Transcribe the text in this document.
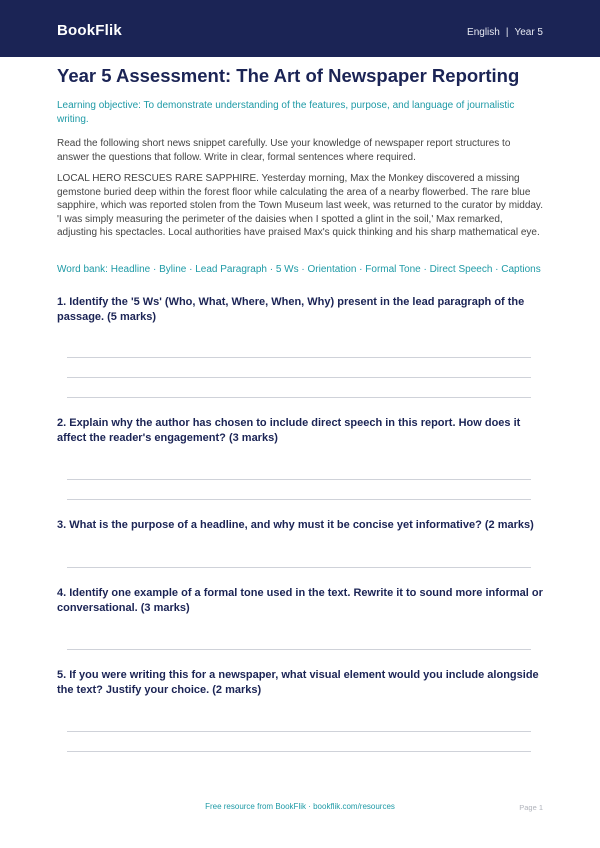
BookFlik	English | Year 5
Year 5 Assessment: The Art of Newspaper Reporting
Learning objective: To demonstrate understanding of the features, purpose, and language of journalistic writing.
Read the following short news snippet carefully. Use your knowledge of newspaper report structures to answer the questions that follow. Write in clear, formal sentences where required.
LOCAL HERO RESCUES RARE SAPPHIRE. Yesterday morning, Max the Monkey discovered a missing gemstone buried deep within the forest floor while calculating the area of a nearby flowerbed. The rare blue sapphire, which was reported stolen from the Town Museum last week, was returned to the curator by midday. 'I was simply measuring the perimeter of the daisies when I spotted a glint in the soil,' Max remarked, adjusting his spectacles. Local authorities have praised Max's quick thinking and his sharp mathematical eye.
Word bank: Headline · Byline · Lead Paragraph · 5 Ws · Orientation · Formal Tone · Direct Speech · Captions
1. Identify the '5 Ws' (Who, What, Where, When, Why) present in the lead paragraph of the passage. (5 marks)
2. Explain why the author has chosen to include direct speech in this report. How does it affect the reader's engagement? (3 marks)
3. What is the purpose of a headline, and why must it be concise yet informative? (2 marks)
4. Identify one example of a formal tone used in the text. Rewrite it to sound more informal or conversational. (3 marks)
5. If you were writing this for a newspaper, what visual element would you include alongside the text? Justify your choice. (2 marks)
Free resource from BookFlik · bookflik.com/resources	Page 1
